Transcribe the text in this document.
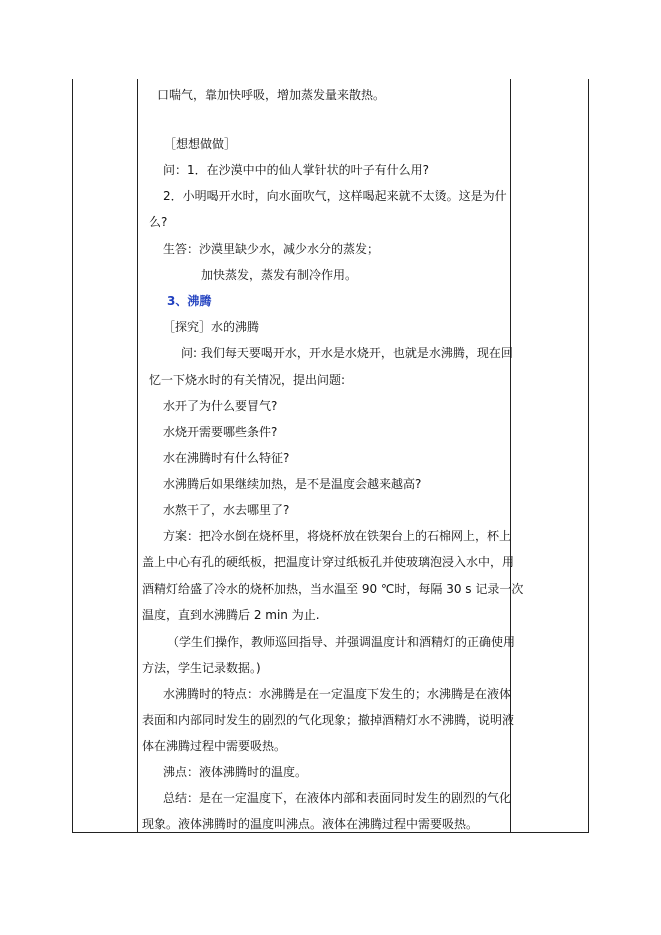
口喘气，靠加快呼吸，增加蒸发量来散热。
［想想做做］
问：1．在沙漠中中的仙人掌针状的叶子有什么用?
2．小明喝开水时，向水面吹气，这样喝起来就不太烫。这是为什
么?
生答：沙漠里缺少水，减少水分的蒸发；
加快蒸发，蒸发有制冷作用。
3、沸腾
［探究］水的沸腾
问: 我们每天要喝开水，开水是水烧开，也就是水沸腾，现在回
忆一下烧水时的有关情况，提出问题:
水开了为什么要冒气?
水烧开需要哪些条件?
水在沸腾时有什么特征?
水沸腾后如果继续加热，是不是温度会越来越高?
水熬干了，水去哪里了?
方案：把冷水倒在烧杯里，将烧杯放在铁架台上的石棉网上，杯上
盖上中心有孔的硬纸板，把温度计穿过纸板孔并使玻璃泡浸入水中，用
酒精灯给盛了冷水的烧杯加热，当水温至 90 ℃时，每隔 30 s 记录一次
温度，直到水沸腾后 2 min 为止.
（学生们操作，教师巡回指导、并强调温度计和酒精灯的正确使用
方法，学生记录数据。)
水沸腾时的特点：水沸腾是在一定温度下发生的；水沸腾是在液体
表面和内部同时发生的剧烈的气化现象；撤掉酒精灯水不沸腾，说明液
体在沸腾过程中需要吸热。
沸点：液体沸腾时的温度。
总结：是在一定温度下，在液体内部和表面同时发生的剧烈的气化
现象。液体沸腾时的温度叫沸点。液体在沸腾过程中需要吸热。
